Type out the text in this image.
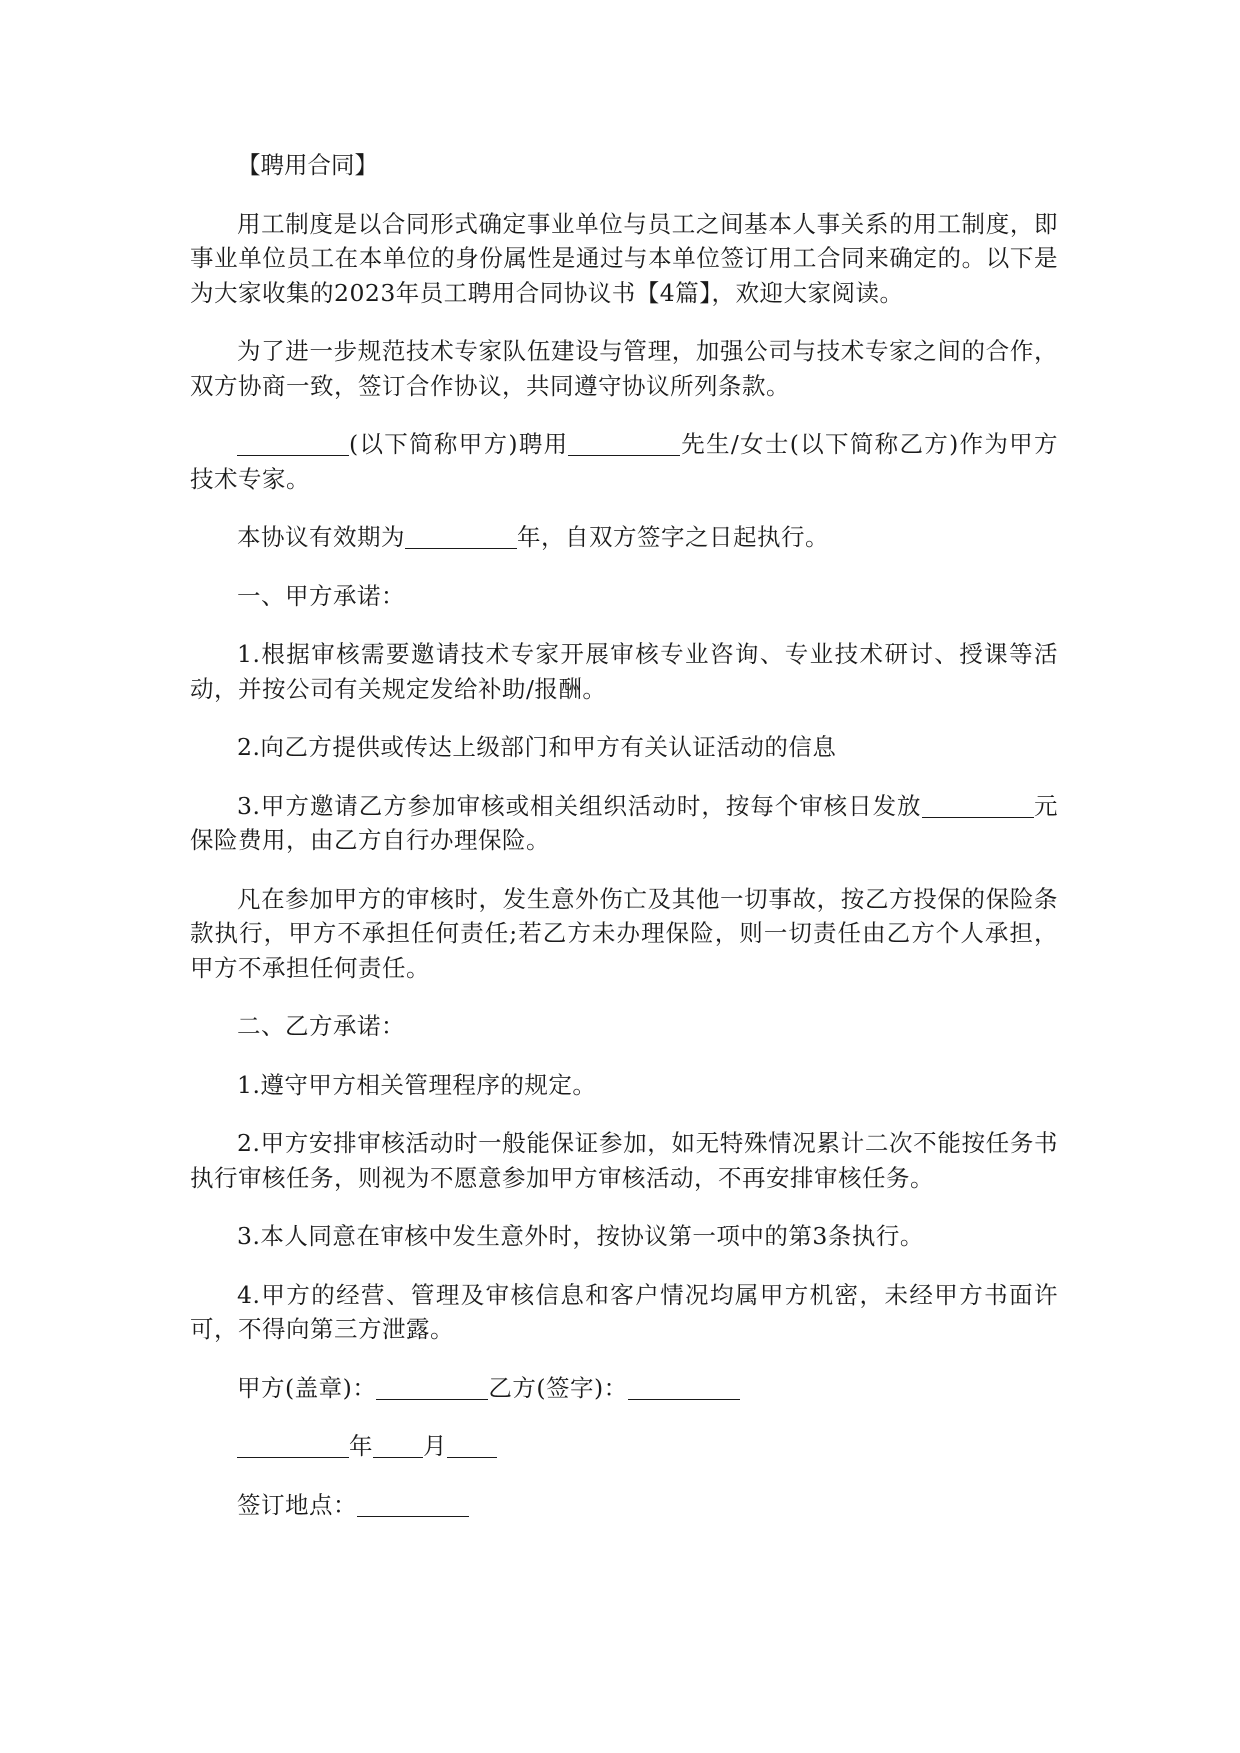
【聘用合同】

用工制度是以合同形式确定事业单位与员工之间基本人事关系的用工制度，即事业单位员工在本单位的身份属性是通过与本单位签订用工合同来确定的。以下是为大家收集的2023年员工聘用合同协议书【4篇】，欢迎大家阅读。

为了进一步规范技术专家队伍建设与管理，加强公司与技术专家之间的合作，双方协商一致，签订合作协议，共同遵守协议所列条款。

(以下简称甲方)聘用	先生/女士(以下简称乙方)作为甲方技术专家。

本协议有效期为	年，自双方签字之日起执行。

一、甲方承诺：

1.根据审核需要邀请技术专家开展审核专业咨询、专业技术研讨、授课等活动，并按公司有关规定发给补助/报酬。

2.向乙方提供或传达上级部门和甲方有关认证活动的信息

3.甲方邀请乙方参加审核或相关组织活动时，按每个审核日发放	元保险费用，由乙方自行办理保险。

凡在参加甲方的审核时，发生意外伤亡及其他一切事故，按乙方投保的保险条款执行，甲方不承担任何责任;若乙方未办理保险，则一切责任由乙方个人承担，甲方不承担任何责任。

二、乙方承诺：

1.遵守甲方相关管理程序的规定。

2.甲方安排审核活动时一般能保证参加，如无特殊情况累计二次不能按任务书执行审核任务，则视为不愿意参加甲方审核活动，不再安排审核任务。

3.本人同意在审核中发生意外时，按协议第一项中的第3条执行。

4.甲方的经营、管理及审核信息和客户情况均属甲方机密，未经甲方书面许可，不得向第三方泄露。

甲方(盖章)：	乙方(签字)：

年 月

签订地点：
